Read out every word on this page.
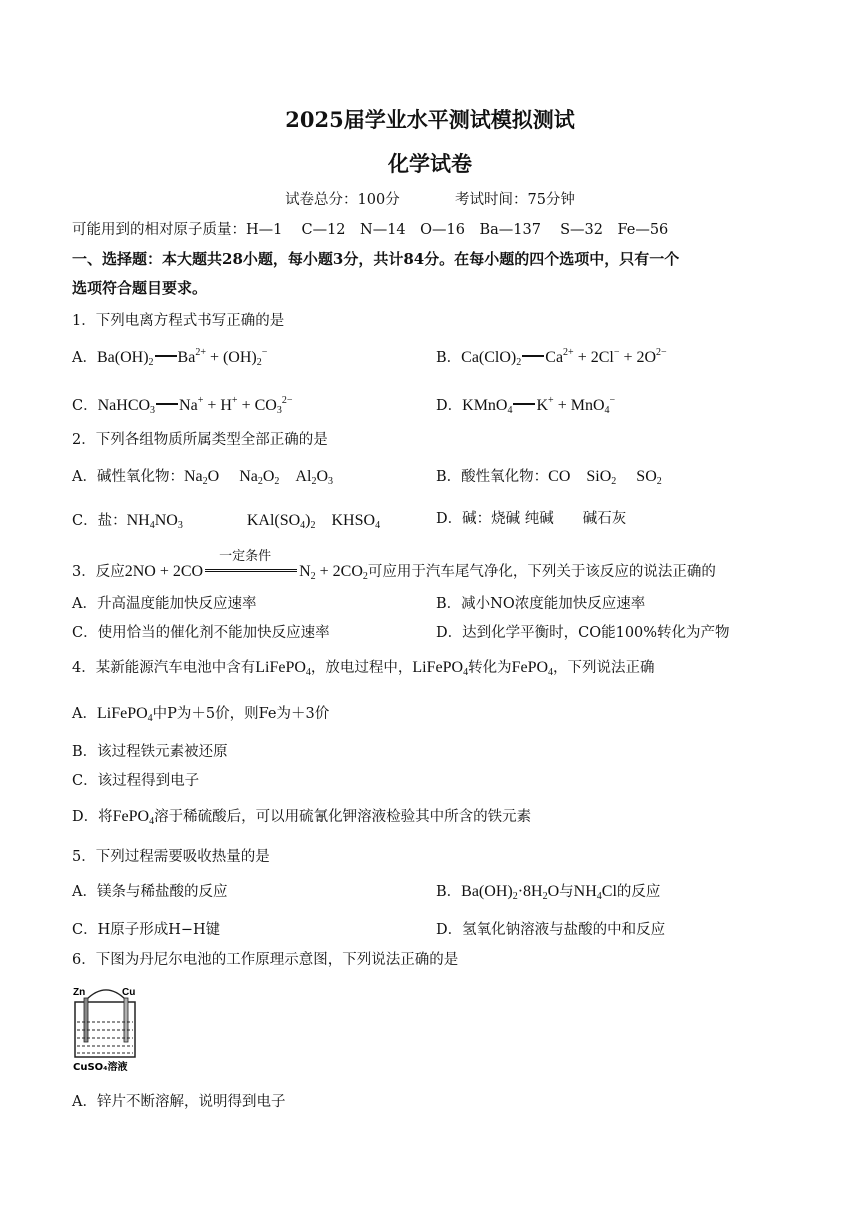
2025届学业水平测试模拟测试
化学试卷
试卷总分：100分	考试时间：75分钟
可能用到的相对原子质量：H—1　 C—12　N—14　O—16　Ba—137　 S—32　Fe—56
一、选择题：本大题共28小题，每小题3分，共计84分。在每小题的四个选项中，只有一个
选项符合题目要求。
1．下列电离方程式书写正确的是
A．$Ba(OH)_2$ $Ba^{2+} + (OH)_2^-$	B．$Ca(ClO)_2$ $Ca^{2+} + 2Cl^- + 2O^{2-}$
C．NaHCO$_3$ $Na^+ + H^+ + CO_3^{2-}$	D．KMnO$_4$ K+ + MnO$_4$−
2．下列各组物质所属类型全部正确的是
A．碱性氧化物：$Na_2O$　 $Na_2O_2$　$Al_2O_3$	B．酸性氧化物：CO　SiO$_2$　 $SO_2$
C．盐：$NH_4NO_3$　　　　$KAl(SO_4)_2$　$KHSO_4$	D．碱：烧碱 纯碱　　碱石灰
3．反应2NO + 2CO
一定条件
$N_2 + 2CO_2$可应用于汽车尾气净化，下列关于该反应的说法正确的
A．升高温度能加快反应速率	B．减小NO浓度能加快反应速率
C．使用恰当的催化剂不能加快反应速率	D．达到化学平衡时，CO能100%转化为产物
4．某新能源汽车电池中含有LiFePO$_4$，放电过程中，LiFePO$_4$转化为FePO$_4$，下列说法正确
A．LiFePO$_4$中P为＋5价，则Fe为＋3价
B．该过程铁元素被还原
C．该过程得到电子
D．将FePO$_4$溶于稀硫酸后，可以用硫氰化钾溶液检验其中所含的铁元素
5．下列过程需要吸收热量的是
A．镁条与稀盐酸的反应	B．$Ba(OH)_2\cdot 8H_2O$与$NH_4Cl$的反应
C．H原子形成H−H键	D．氢氧化钠溶液与盐酸的中和反应
6．下图为丹尼尔电池的工作原理示意图，下列说法正确的是
Zn	Cu
CuSO₄溶液
A．锌片不断溶解，说明得到电子
